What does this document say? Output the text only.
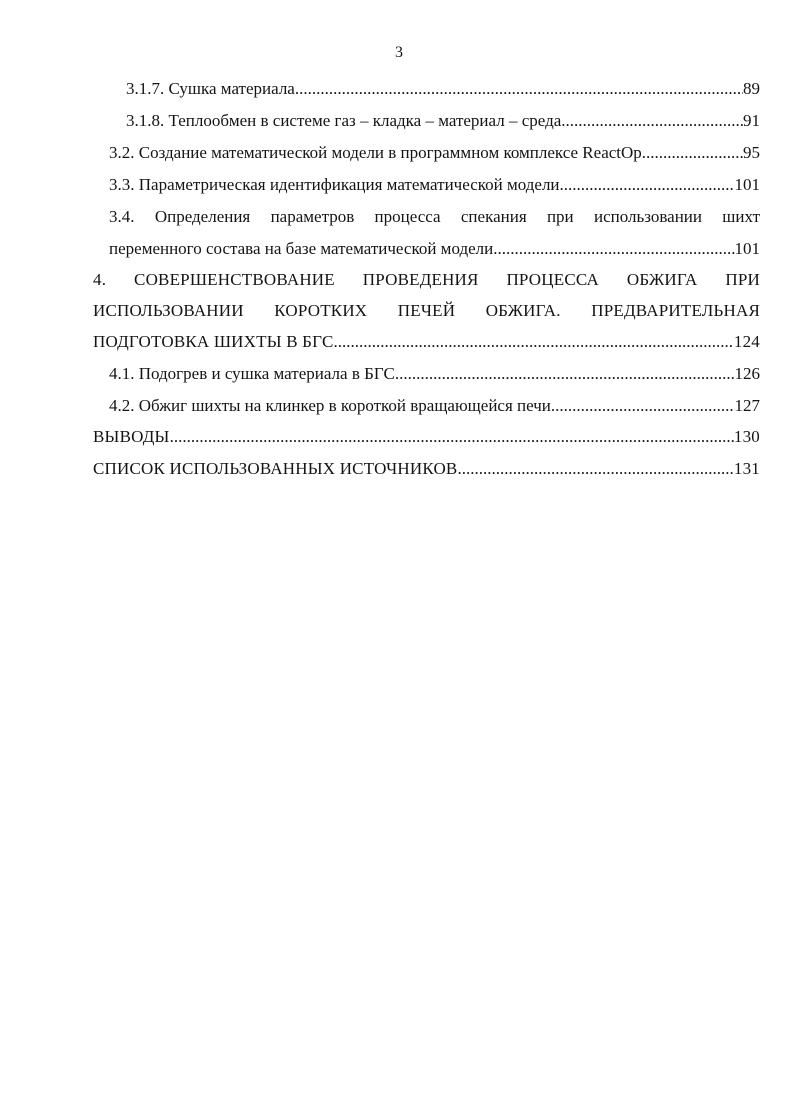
3
3.1.7. Сушка материала .....	89
3.1.8. Теплообмен в системе газ – кладка – материал – среда .....	91
3.2. Создание математической модели в программном комплексе ReactOp .....	95
3.3. Параметрическая идентификация математической модели .....	101
3.4. Определения параметров процесса спекания при использовании шихт
переменного состава на базе математической модели. .....	101
4. СОВЕРШЕНСТВОВАНИЕ ПРОВЕДЕНИЯ ПРОЦЕССА ОБЖИГА ПРИ
ИСПОЛЬЗОВАНИИ КОРОТКИХ ПЕЧЕЙ ОБЖИГА. ПРЕДВАРИТЕЛЬНАЯ
ПОДГОТОВКА ШИХТЫ В БГС .....	124
4.1. Подогрев и сушка материала в БГС .....	126
4.2. Обжиг шихты на клинкер в короткой вращающейся печи .....	127
ВЫВОДЫ .....	130
СПИСОК ИСПОЛЬЗОВАННЫХ ИСТОЧНИКОВ .....	131
